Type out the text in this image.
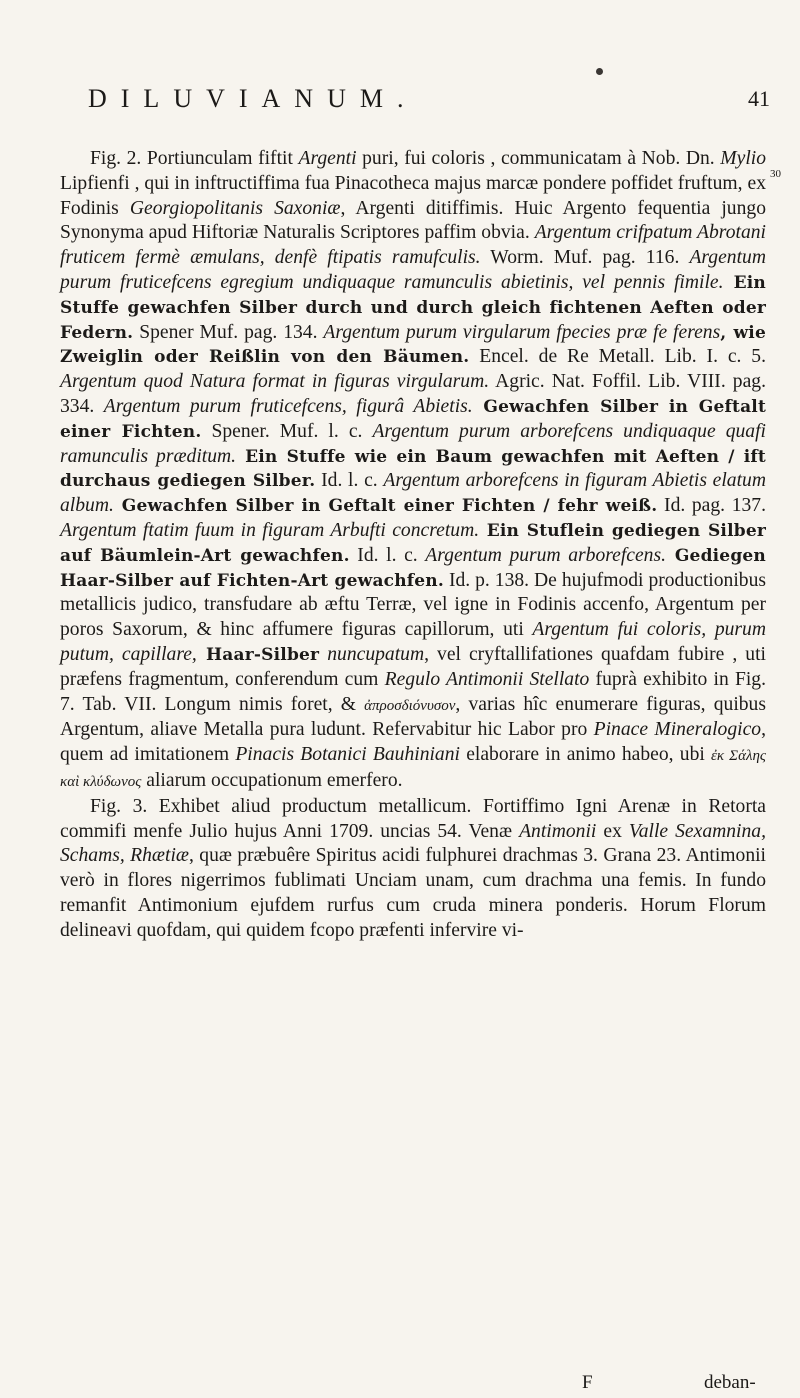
DILUVIANUM.	41
30

Fig. 2. Portiunculam fiftit Argenti puri, fui coloris , communicatam à Nob. Dn. Mylio Lipfienfi , qui in inftructiffima fua Pinacotheca majus marcæ pondere poffidet fruftum, ex Fodinis Georgiopolitanis Saxoniæ, Argenti ditiffimis. Huic Argento fequentia jungo Synonyma apud Hiftoriæ Naturalis Scriptores paffim obvia. Argentum crifpatum Abrotani fruticem fermè æmulans, denfè ftipatis ramufculis. Worm. Muf. pag. 116. Argentum purum fruticefcens egregium undiquaque ramunculis abietinis, vel pennis fimile. Ein Stuffe gewachfen Silber durch und durch gleich fichtenen Aeften oder Federn. Spener Muf. pag. 134. Argentum purum virgularum fpecies præ fe ferens, wie Zweiglin oder Reißlin von den Bäumen. Encel. de Re Metall. Lib. I. c. 5. Argentum quod Natura format in figuras virgularum. Agric. Nat. Foffil. Lib. VIII. pag. 334. Argentum purum fruticefcens, figurâ Abietis. Gewachfen Silber in Geftalt einer Fichten. Spener. Muf. l. c. Argentum purum arborefcens undiquaque quafi ramunculis præditum. Ein Stuffe wie ein Baum gewachfen mit Aeften / ift durchaus gediegen Silber. Id. l. c. Argentum arborefcens in figuram Abietis elatum album. Gewachfen Silber in Geftalt einer Fichten / fehr weiß. Id. pag. 137. Argentum ftatim fuum in figuram Arbufti concretum. Ein Stuflein gediegen Silber auf Bäumlein-Art gewachfen. Id. l. c. Argentum purum arborefcens. Gediegen Haar-Silber auf Fichten-Art gewachfen. Id. p. 138. De hujufmodi productionibus metallicis judico, transfudare ab æftu Terræ, vel igne in Fodinis accenfo, Argentum per poros Saxorum, & hinc affumere figuras capillorum, uti Argentum fui coloris, purum putum, capillare, Haar-Silber nuncupatum, vel cryftallifationes quafdam fubire , uti præfens fragmentum, conferendum cum Regulo Antimonii Stellato fuprà exhibito in Fig. 7. Tab. VII. Longum nimis foret, & ἀπροσδιόνυσον, varias hîc enumerare figuras, quibus Argentum, aliave Metalla pura ludunt. Refervabitur hic Labor pro Pinace Mineralogico, quem ad imitationem Pinacis Botanici Bauhiniani elaborare in animo habeo, ubi ἐκ Σάλης καὶ κλύδωνος aliarum occupationum emerfero.

Fig. 3. Exhibet aliud productum metallicum. Fortiffimo Igni Arenæ in Retorta commifi menfe Julio hujus Anni 1709. uncias 54. Venæ Antimonii ex Valle Sexamnina, Schams, Rhætiæ, quæ præbuêre Spiritus acidi fulphurei drachmas 3. Grana 23. Antimonii verò in flores nigerrimos fublimati Unciam unam, cum drachma una femis. In fundo remanfit Antimonium ejufdem rurfus cum cruda minera ponderis. Horum Florum delineavi quofdam, qui quidem fcopo præfenti infervire vi-

F	deban-
